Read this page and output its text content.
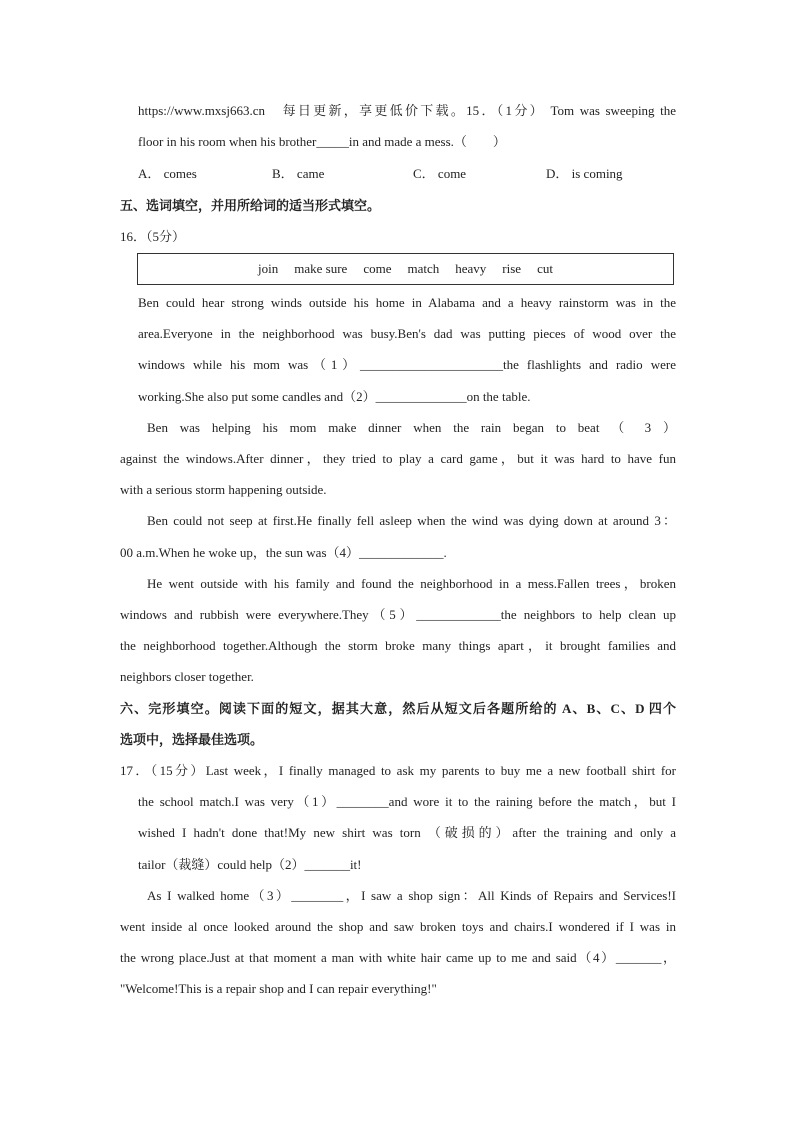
https://www.mxsj663.cn　每日更新，享更低价下载。15．（1分） Tom was sweeping the
floor in his room when his brother_____in and made a mess.（　　）
A． comes	B． came	C． come	D． is coming
五、选词填空，并用所给词的适当形式填空。
16．（5分）
join make sure come match heavy rise cut
Ben could hear strong winds outside his home in Alabama and a heavy rainstorm was in the
area.Everyone in the neighborhood was busy.Ben's dad was putting pieces of wood over the
windows while his mom was（1）______________________the flashlights and radio were
working.She also put some candles and（2）______________on the table.
Ben was helping his mom make dinner when the rain began to beat （ 3 ）
against the windows.After dinner，they tried to play a card game，but it was hard to have fun
with a serious storm happening outside.
Ben could not seep at first.He finally fell asleep when the wind was dying down at around 3：
00 a.m.When he woke up，the sun was（4）_____________.
He went outside with his family and found the neighborhood in a mess.Fallen trees，broken
windows and rubbish were everywhere.They（5）_____________the neighbors to help clean up
the neighborhood together.Although the storm broke many things apart，it brought families and
neighbors closer together.
六、完形填空。阅读下面的短文，据其大意，然后从短文后各题所给的 A、B、C、D 四个
选项中，选择最佳选项。
17．（15分）Last week，I finally managed to ask my parents to buy me a new football shirt for
the school match.I was very（1）________and wore it to the raining before the match，but I
wished I hadn't done that!My new shirt was torn （破损的）after the training and only a
tailor（裁缝）could help（2）_______it!
As I walked home（3）________，I saw a shop sign：All Kinds of Repairs and Services!I
went inside al once looked around the shop and saw broken toys and chairs.I wondered if I was in
the wrong place.Just at that moment a man with white hair came up to me and said（4）_______，
"Welcome!This is a repair shop and I can repair everything!"
